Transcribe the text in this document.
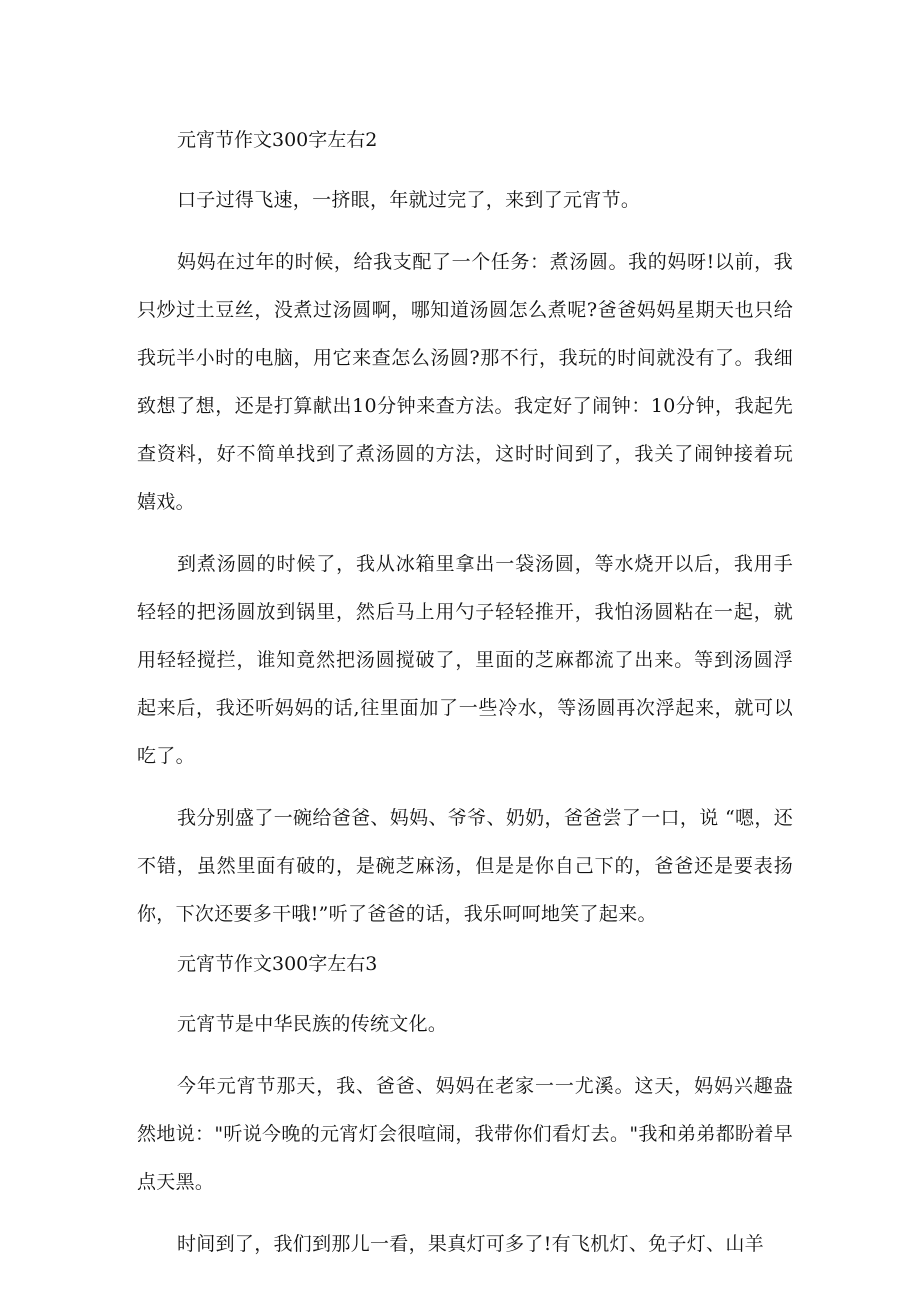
元宵节作文300字左右2

口子过得飞速，一挤眼，年就过完了，来到了元宵节。

妈妈在过年的时候，给我支配了一个任务：煮汤圆。我的妈呀!以前，我只炒过土豆丝，没煮过汤圆啊，哪知道汤圆怎么煮呢?爸爸妈妈星期天也只给我玩半小时的电脑，用它来查怎么汤圆?那不行，我玩的时间就没有了。我细致想了想，还是打算献出10分钟来查方法。我定好了闹钟：10分钟，我起先查资料，好不简单找到了煮汤圆的方法，这时时间到了，我关了闹钟接着玩嬉戏。

到煮汤圆的时候了，我从冰箱里拿出一袋汤圆，等水烧开以后，我用手轻轻的把汤圆放到锅里，然后马上用勺子轻轻推开，我怕汤圆粘在一起，就用轻轻搅拦，谁知竟然把汤圆搅破了，里面的芝麻都流了出来。等到汤圆浮起来后，我还听妈妈的话,往里面加了一些冷水，等汤圆再次浮起来，就可以吃了。

我分别盛了一碗给爸爸、妈妈、爷爷、奶奶，爸爸尝了一口，说 “嗯，还不错，虽然里面有破的，是碗芝麻汤，但是是你自己下的，爸爸还是要表扬你，下次还要多干哦!”听了爸爸的话，我乐呵呵地笑了起来。

元宵节作文300字左右3

元宵节是中华民族的传统文化。

今年元宵节那天，我、爸爸、妈妈在老家一一尤溪。这天，妈妈兴趣盎然地说："听说今晚的元宵灯会很喧闹，我带你们看灯去。"我和弟弟都盼着早点天黑。

时间到了，我们到那儿一看，果真灯可多了!有飞机灯、免子灯、山羊
